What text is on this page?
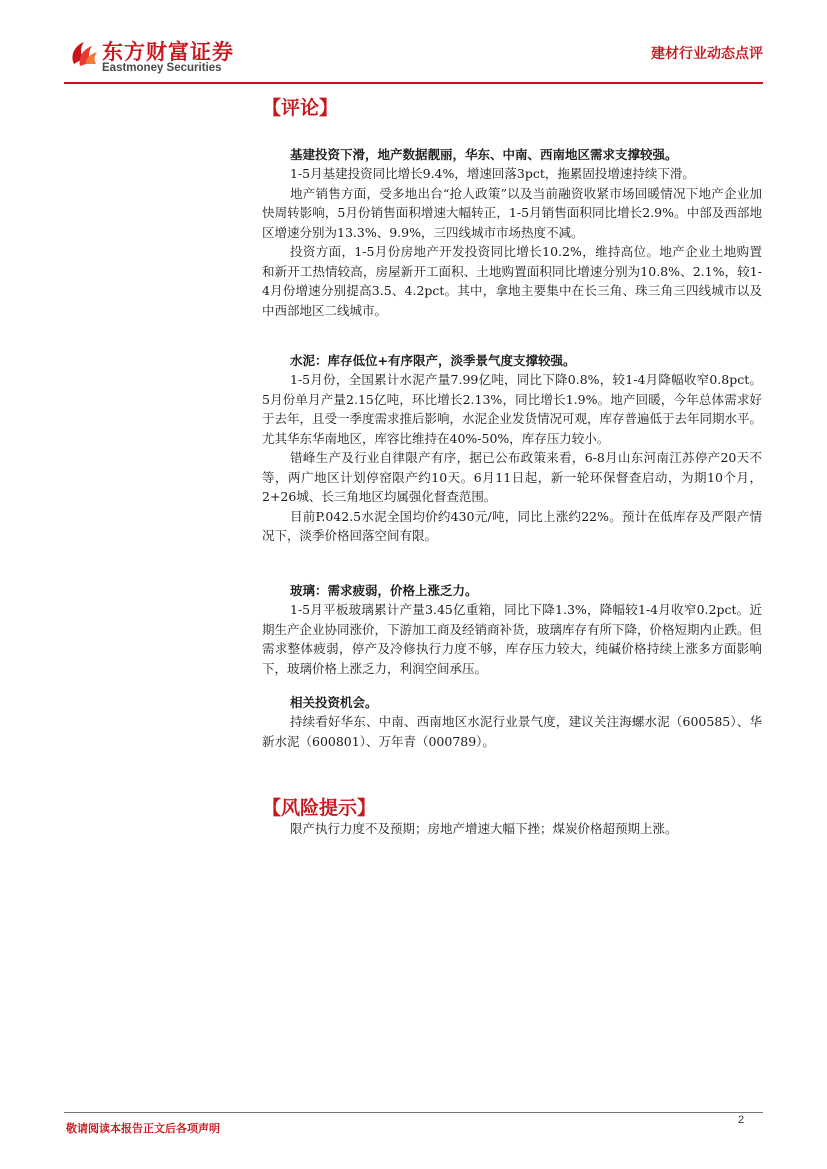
东方财富证券
Eastmoney Securities
建材行业动态点评
【评论】

基建投资下滑，地产数据靓丽，华东、中南、西南地区需求支撑较强。

1-5月基建投资同比增长9.4%，增速回落3pct，拖累固投增速持续下滑。

地产销售方面，受多地出台“抢人政策”以及当前融资收紧市场回暖情况下地产企业加快周转影响，5月份销售面积增速大幅转正，1-5月销售面积同比增长2.9%。中部及西部地区增速分别为13.3%、9.9%，三四线城市市场热度不减。

投资方面，1-5月份房地产开发投资同比增长10.2%，维持高位。地产企业土地购置和新开工热情较高，房屋新开工面积、土地购置面积同比增速分别为10.8%、2.1%，较1-4月份增速分别提高3.5、4.2pct。其中，拿地主要集中在长三角、珠三角三四线城市以及中西部地区二线城市。

水泥：库存低位+有序限产，淡季景气度支撑较强。

1-5月份，全国累计水泥产量7.99亿吨，同比下降0.8%，较1-4月降幅收窄0.8pct。5月份单月产量2.15亿吨，环比增长2.13%，同比增长1.9%。地产回暖，今年总体需求好于去年，且受一季度需求推后影响，水泥企业发货情况可观，库存普遍低于去年同期水平。尤其华东华南地区，库容比维持在40%-50%，库存压力较小。

错峰生产及行业自律限产有序，据已公布政策来看，6-8月山东河南江苏停产20天不等，两广地区计划停窑限产约10天。6月11日起，新一轮环保督查启动，为期10个月，2+26城、长三角地区均属强化督查范围。

目前P.042.5水泥全国均价约430元/吨，同比上涨约22%。预计在低库存及严限产情况下，淡季价格回落空间有限。

玻璃：需求疲弱，价格上涨乏力。

1-5月平板玻璃累计产量3.45亿重箱，同比下降1.3%，降幅较1-4月收窄0.2pct。近期生产企业协同涨价，下游加工商及经销商补货，玻璃库存有所下降，价格短期内止跌。但需求整体疲弱，停产及冷修执行力度不够，库存压力较大，纯碱价格持续上涨多方面影响下，玻璃价格上涨乏力，利润空间承压。

相关投资机会。

持续看好华东、中南、西南地区水泥行业景气度，建议关注海螺水泥（600585）、华新水泥（600801）、万年青（000789）。

【风险提示】

限产执行力度不及预期；房地产增速大幅下挫；煤炭价格超预期上涨。

敬请阅读本报告正文后各项声明
2
